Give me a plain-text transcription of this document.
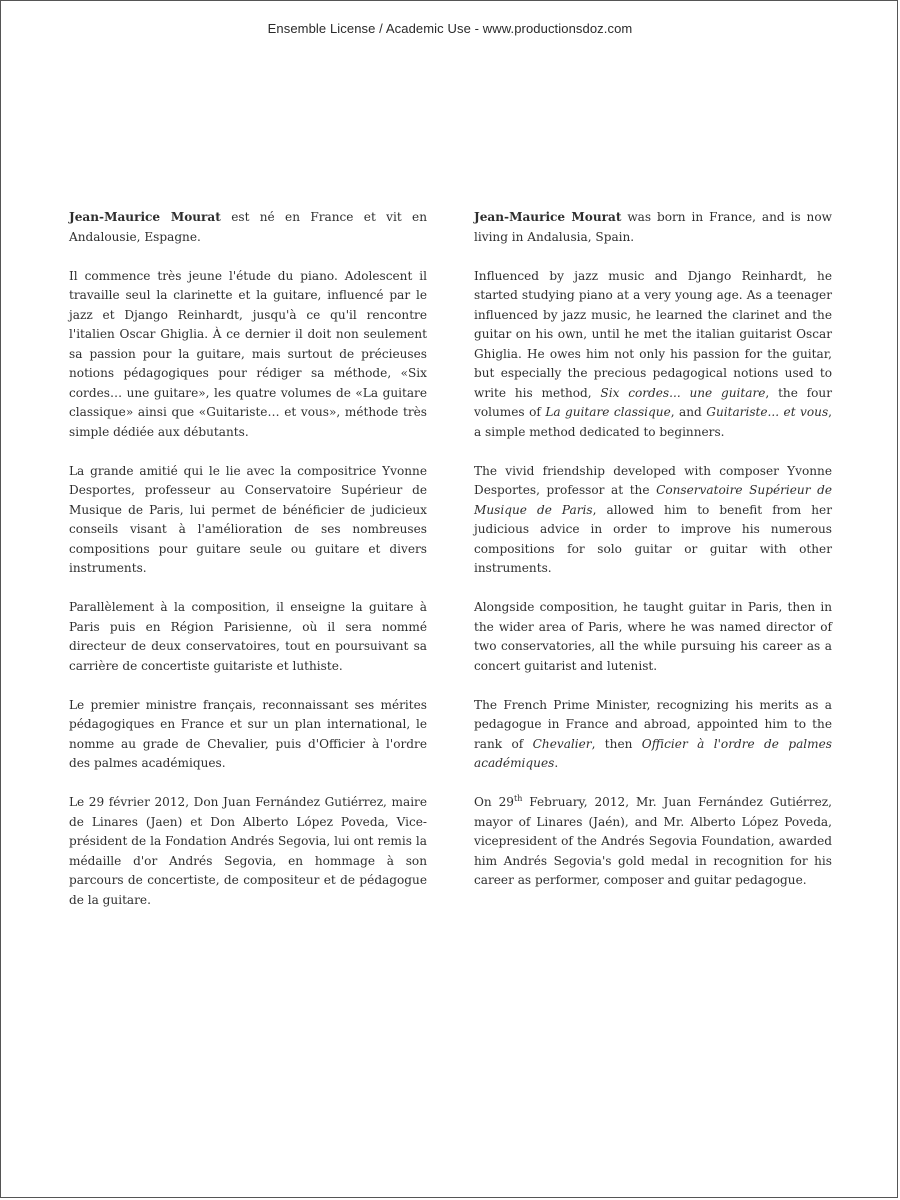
Ensemble License / Academic Use - www.productionsdoz.com

Jean-Maurice Mourat est né en France et vit en Andalousie, Espagne.

Il commence très jeune l'étude du piano. Adolescent il travaille seul la clarinette et la guitare, influencé par le jazz et Django Reinhardt, jusqu'à ce qu'il rencontre l'italien Oscar Ghiglia. À ce dernier il doit non seulement sa passion pour la guitare, mais surtout de précieuses notions pédagogiques pour rédiger sa méthode, «Six cordes… une guitare», les quatre volumes de «La guitare classique» ainsi que «Guitariste… et vous», méthode très simple dédiée aux débutants.

La grande amitié qui le lie avec la compositrice Yvonne Desportes, professeur au Conservatoire Supérieur de Musique de Paris, lui permet de bénéficier de judicieux conseils visant à l'amélioration de ses nombreuses compositions pour guitare seule ou guitare et divers instruments.

Parallèlement à la composition, il enseigne la guitare à Paris puis en Région Parisienne, où il sera nommé directeur de deux conservatoires, tout en poursuivant sa carrière de concertiste guitariste et luthiste.

Le premier ministre français, reconnaissant ses mérites pédagogiques en France et sur un plan international, le nomme au grade de Chevalier, puis d'Officier à l'ordre des palmes académiques.

Le 29 février 2012, Don Juan Fernández Gutiérrez, maire de Linares (Jaen) et Don Alberto López Poveda, Vice-président de la Fondation Andrés Segovia, lui ont remis la médaille d'or Andrés Segovia, en hommage à son parcours de concertiste, de compositeur et de pédagogue de la guitare.

Jean-Maurice Mourat was born in France, and is now living in Andalusia, Spain.

Influenced by jazz music and Django Reinhardt, he started studying piano at a very young age. As a teenager influenced by jazz music, he learned the clarinet and the guitar on his own, until he met the italian guitarist Oscar Ghiglia. He owes him not only his passion for the guitar, but especially the precious pedagogical notions used to write his method, Six cordes... une guitare, the four volumes of La guitare classique, and Guitariste... et vous, a simple method dedicated to beginners.

The vivid friendship developed with composer Yvonne Desportes, professor at the Conservatoire Supérieur de Musique de Paris, allowed him to benefit from her judicious advice in order to improve his numerous compositions for solo guitar or guitar with other instruments.

Alongside composition, he taught guitar in Paris, then in the wider area of Paris, where he was named director of two conservatories, all the while pursuing his career as a concert guitarist and lutenist.

The French Prime Minister, recognizing his merits as a pedagogue in France and abroad, appointed him to the rank of Chevalier, then Officier à l'ordre de palmes académiques.

On 29th February, 2012, Mr. Juan Fernández Gutiérrez, mayor of Linares (Jaén), and Mr. Alberto López Poveda, vicepresident of the Andrés Segovia Foundation, awarded him Andrés Segovia's gold medal in recognition for his career as performer, composer and guitar pedagogue.
